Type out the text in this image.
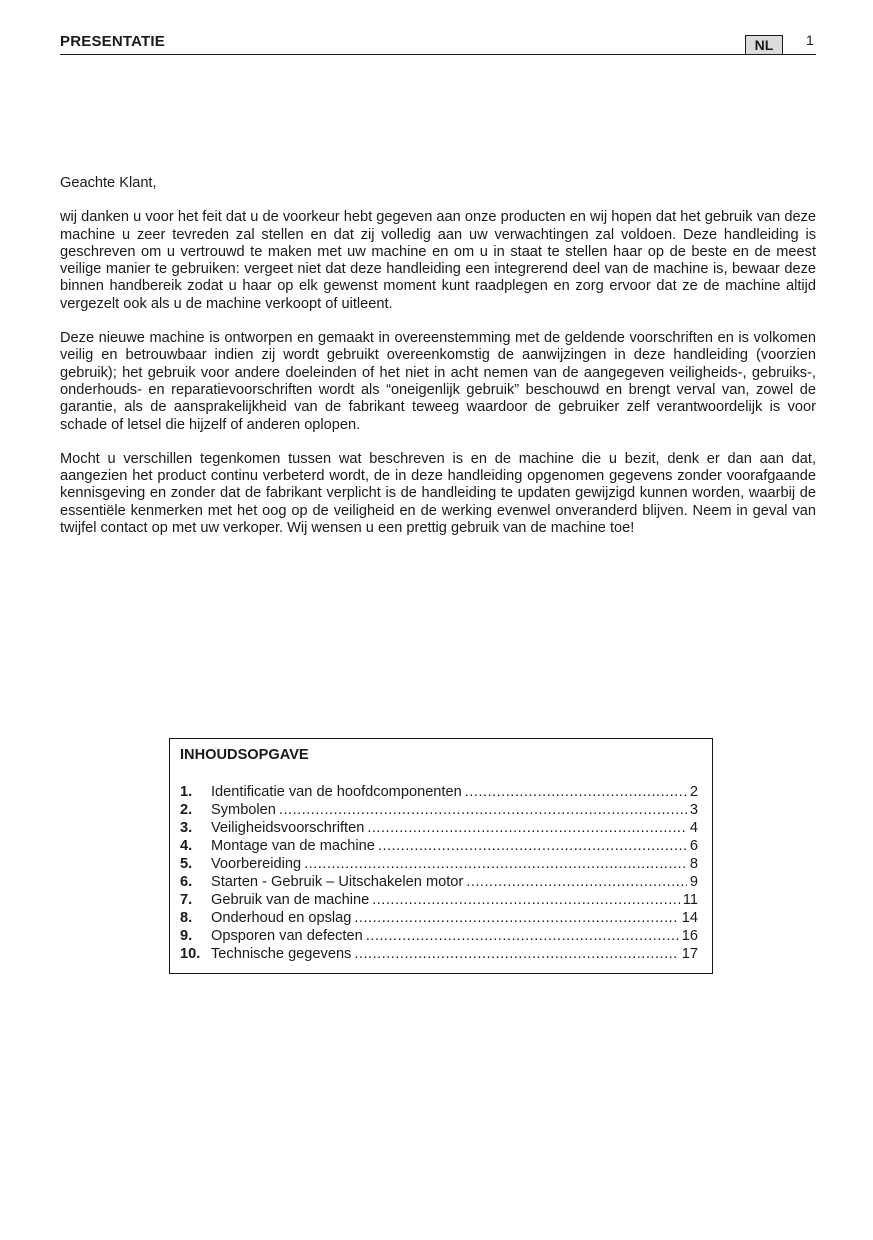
PRESENTATIE	NL	1

Geachte Klant,

wij danken u voor het feit dat u de voorkeur hebt gegeven aan onze producten en wij hopen dat het gebruik van deze machine u zeer tevreden zal stellen en dat zij volledig aan uw verwachtingen zal voldoen. Deze handleiding is geschreven om u vertrouwd te maken met uw machine en om u in staat te stellen haar op de beste en de meest veilige manier te gebruiken: vergeet niet dat deze handleiding een integrerend deel van de machine is, bewaar deze binnen handbereik zodat u haar op elk gewenst moment kunt raadplegen en zorg ervoor dat ze de machine altijd vergezelt ook als u de machine verkoopt of uitleent.

Deze nieuwe machine is ontworpen en gemaakt in overeenstemming met de geldende voorschriften en is volkomen veilig en betrouwbaar indien zij wordt gebruikt overeenkomstig de aanwijzingen in deze handleiding (voorzien gebruik); het gebruik voor andere doeleinden of het niet in acht nemen van de aangegeven veiligheids-, gebruiks-, onderhouds- en reparatievoorschriften wordt als “oneigenlijk gebruik” beschouwd en brengt verval van, zowel de garantie, als de aansprakelijkheid van de fabrikant teweeg waardoor de gebruiker zelf verantwoordelijk is voor schade of letsel die hijzelf of anderen oplopen.

Mocht u verschillen tegenkomen tussen wat beschreven is en de machine die u bezit, denk er dan aan dat, aangezien het product continu verbeterd wordt, de in deze handleiding opgenomen gegevens zonder voorafgaande kennisgeving en zonder dat de fabrikant verplicht is de handleiding te updaten gewijzigd kunnen worden, waarbij de essentiële kenmerken met het oog op de veiligheid en de werking evenwel onveranderd blijven. Neem in geval van twijfel contact op met uw verkoper. Wij wensen u een prettig gebruik van de machine toe!

INHOUDSOPGAVE
1.	Identificatie van de hoofdcomponenten .....	2
2.	Symbolen .....	3
3.	Veiligheidsvoorschriften .....	4
4.	Montage van de machine .....	6
5.	Voorbereiding .....	8
6.	Starten - Gebruik – Uitschakelen motor .....	9
7.	Gebruik van de machine .....	11
8.	Onderhoud en opslag .....	14
9.	Opsporen van defecten .....	16
10. Technische gegevens .....	17
